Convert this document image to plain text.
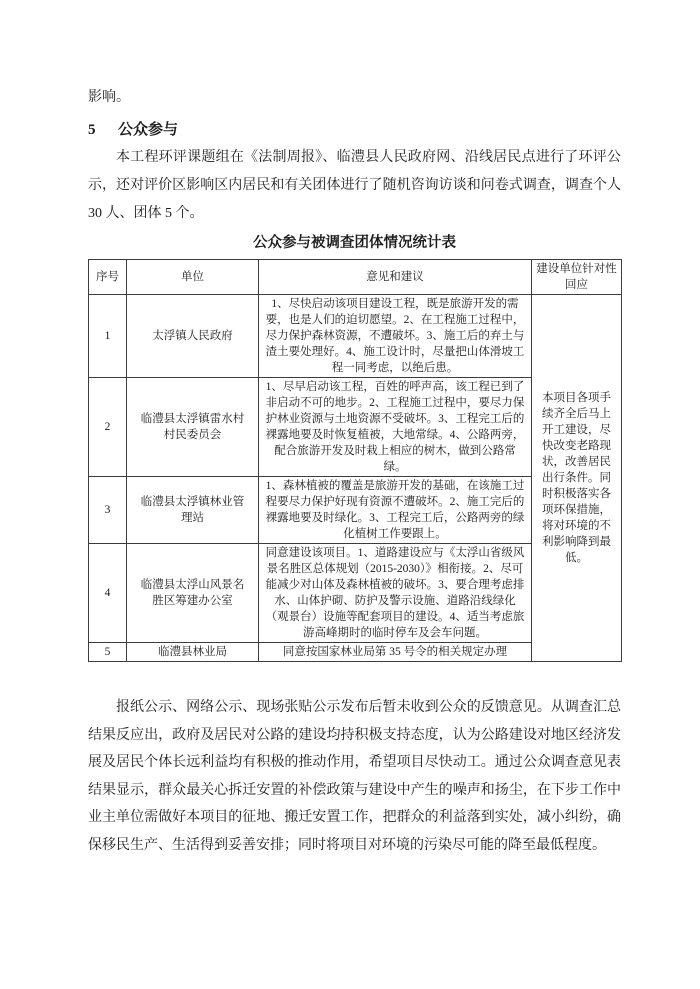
影响。
5	公众参与

本工程环评课题组在《法制周报》、临澧县人民政府网、沿线居民点进行了环评公示，还对评价区影响区内居民和有关团体进行了随机咨询访谈和问卷式调查，调查个人 30 人、团体 5 个。

公众参与被调查团体情况统计表
序号	单位	意见和建议	建设单位针对性回应
1	太浮镇人民政府	1、尽快启动该项目建设工程，既是旅游开发的需要，也是人们的迫切愿望。2、在工程施工过程中，尽力保护森林资源，不遭破坏。3、施工后的弃土与渣土要处理好。4、施工设计时，尽量把山体滑坡工程一同考虑，以绝后患。	本项目各项手续齐全后马上开工建设，尽快改变老路现状，改善居民出行条件。同时积极落实各项环保措施，将对环境的不利影响降到最低。
2	临澧县太浮镇雷水村村民委员会	1、尽早启动该工程，百姓的呼声高，该工程已到了非启动不可的地步。2、工程施工过程中，要尽力保护林业资源与土地资源不受破坏。3、工程完工后的裸露地要及时恢复植被，大地常绿。4、公路两旁，配合旅游开发及时栽上相应的树木，做到公路常绿。	
3	临澧县太浮镇林业管理站	1、森林植被的覆盖是旅游开发的基础，在该施工过程要尽力保护好现有资源不遭破坏。2、施工完后的裸露地要及时绿化。3、工程完工后，公路两旁的绿化植树工作要跟上。	
4	临澧县太浮山风景名胜区筹建办公室	同意建设该项目。1、道路建设应与《太浮山省级风景名胜区总体规划（2015-2030）》相衔接。2、尽可能减少对山体及森林植被的破坏。3、要合理考虑排水、山体护砌、防护及警示设施、道路沿线绿化（观景台）设施等配套项目的建设。4、适当考虑旅游高峰期时的临时停车及会车问题。	
5	临澧县林业局	同意按国家林业局第 35 号令的相关规定办理	

报纸公示、网络公示、现场张贴公示发布后暂未收到公众的反馈意见。从调查汇总结果反应出，政府及居民对公路的建设均持积极支持态度，认为公路建设对地区经济发展及居民个体长远利益均有积极的推动作用，希望项目尽快动工。通过公众调查意见表结果显示，群众最关心拆迁安置的补偿政策与建设中产生的噪声和扬尘，在下步工作中业主单位需做好本项目的征地、搬迁安置工作，把群众的利益落到实处，减小纠纷，确保移民生产、生活得到妥善安排；同时将项目对环境的污染尽可能的降至最低程度。
